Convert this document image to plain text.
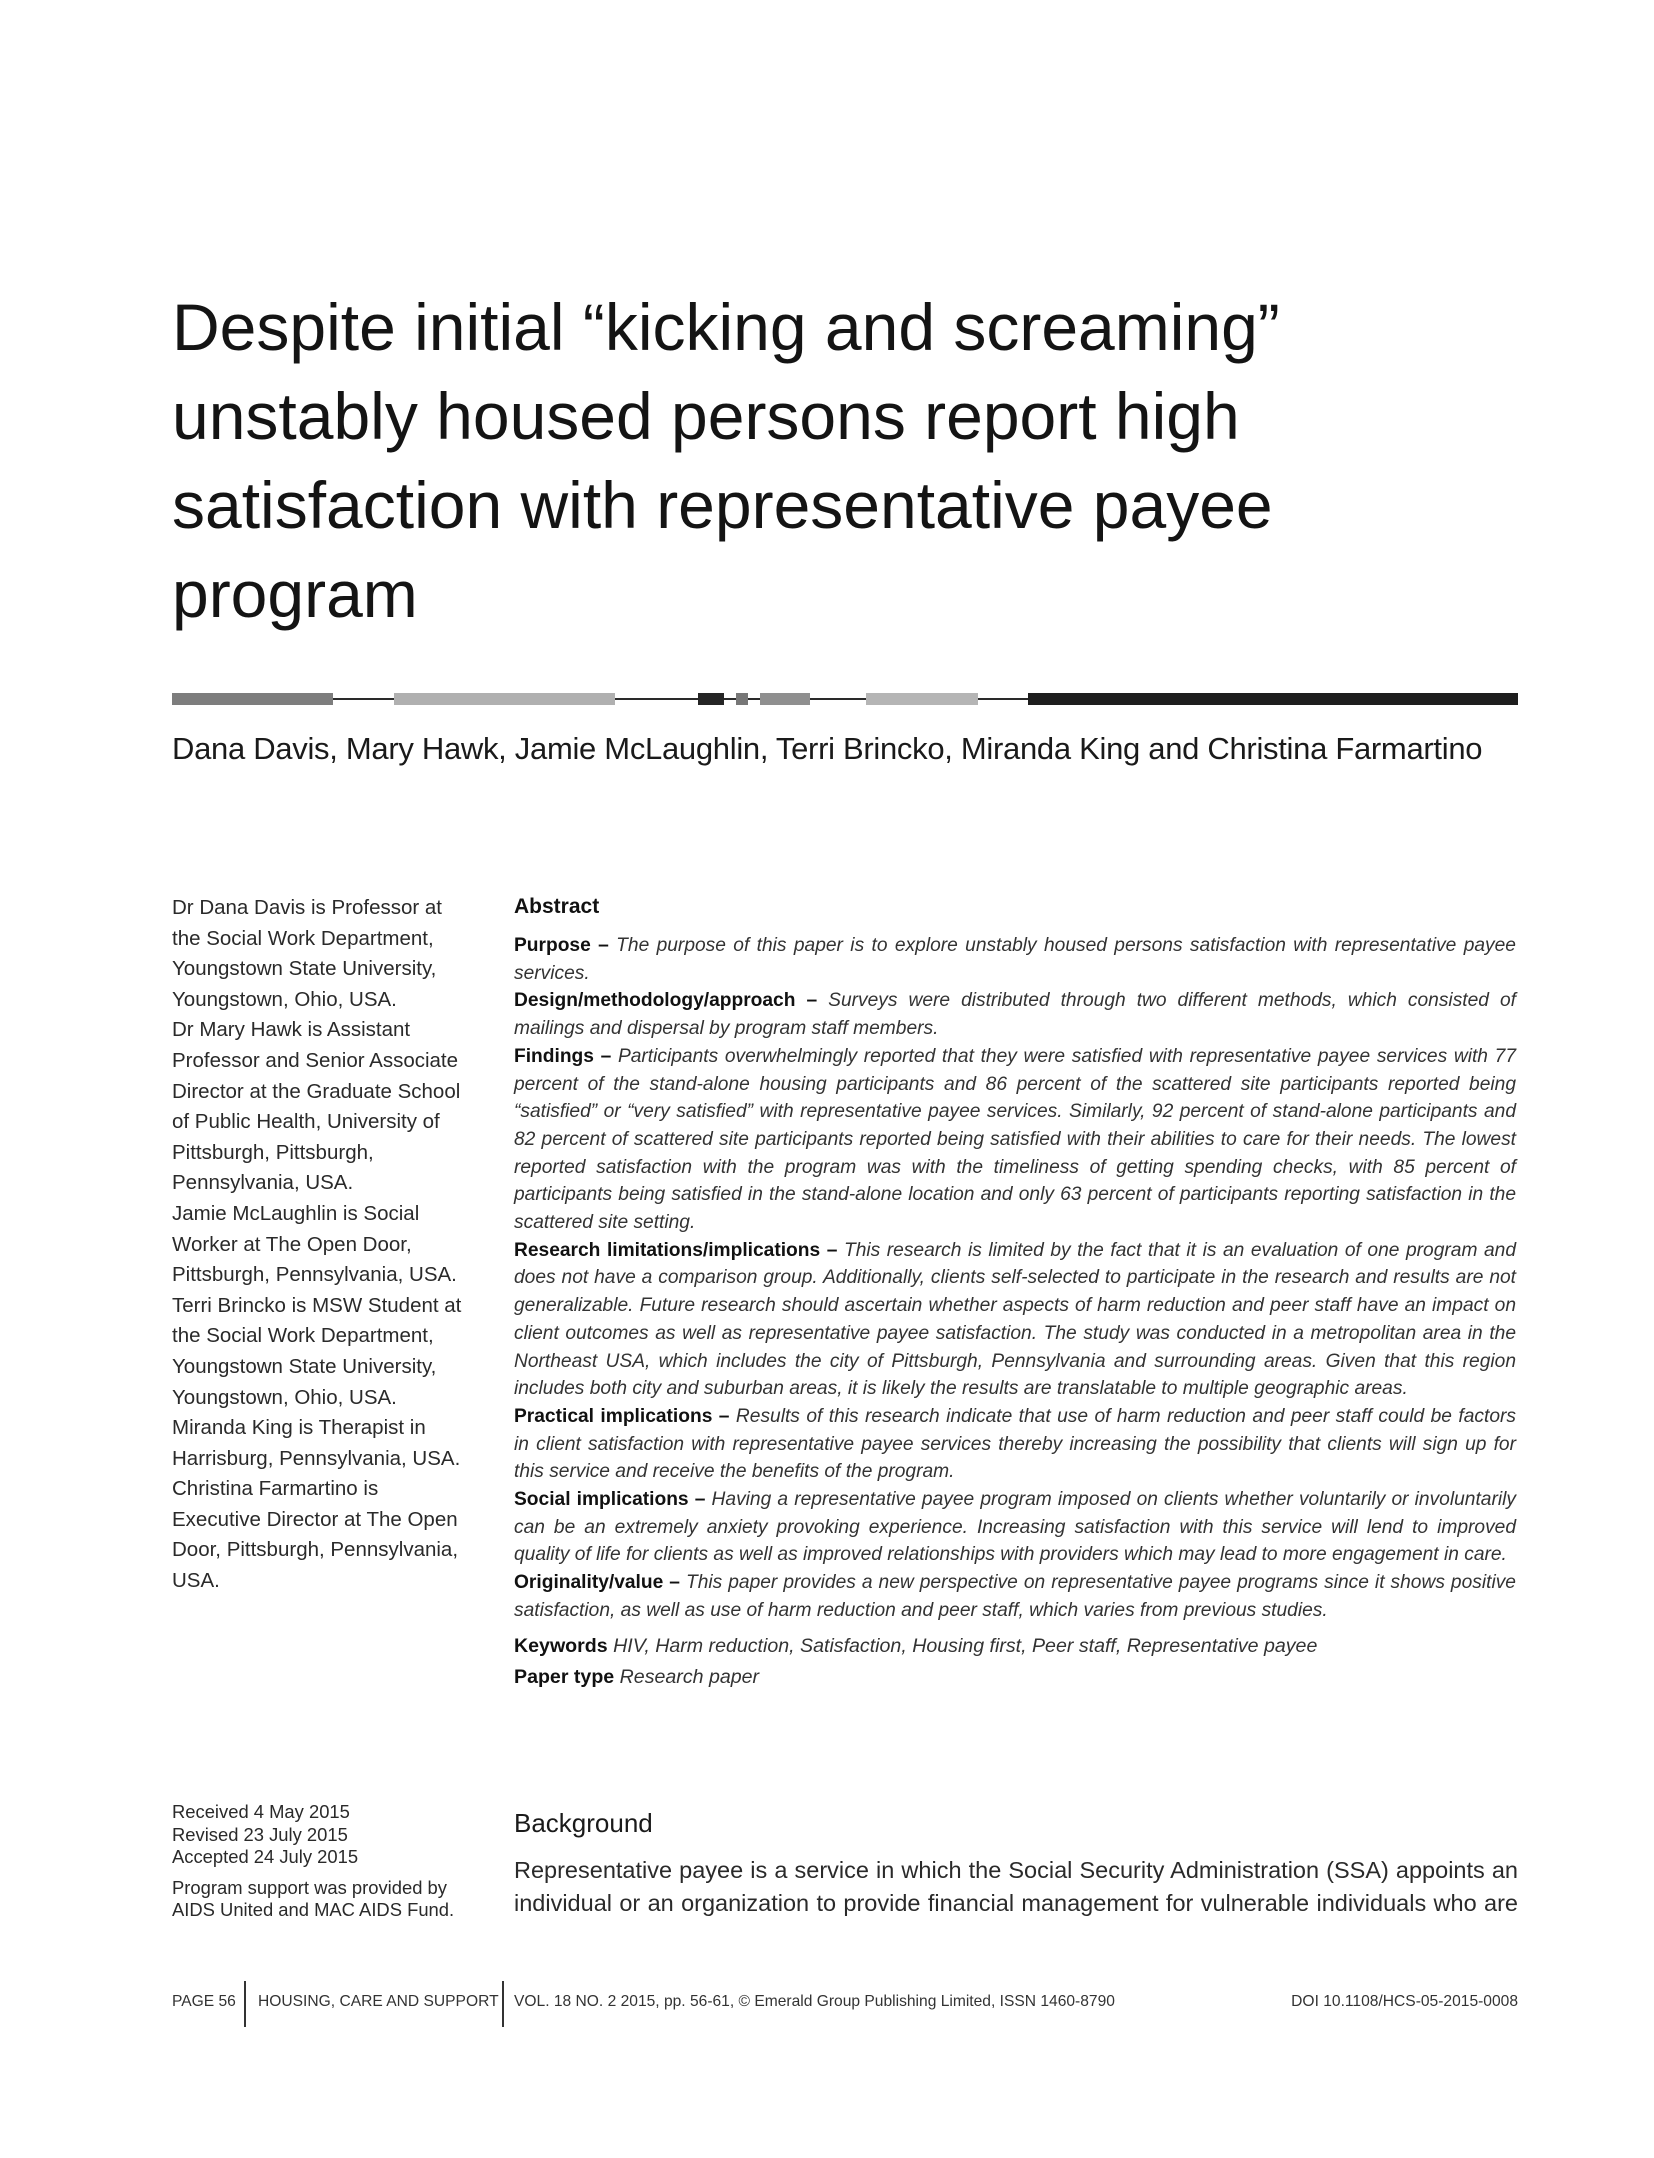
Despite initial “kicking and screaming” unstably housed persons report high satisfaction with representative payee program

Dana Davis, Mary Hawk, Jamie McLaughlin, Terri Brincko, Miranda King and Christina Farmartino

Dr Dana Davis is Professor at the Social Work Department, Youngstown State University, Youngstown, Ohio, USA.

Dr Mary Hawk is Assistant Professor and Senior Associate Director at the Graduate School of Public Health, University of Pittsburgh, Pittsburgh, Pennsylvania, USA.

Jamie McLaughlin is Social Worker at The Open Door, Pittsburgh, Pennsylvania, USA.

Terri Brincko is MSW Student at the Social Work Department, Youngstown State University, Youngstown, Ohio, USA.

Miranda King is Therapist in Harrisburg, Pennsylvania, USA.

Christina Farmartino is Executive Director at The Open Door, Pittsburgh, Pennsylvania, USA.

Abstract

Purpose – The purpose of this paper is to explore unstably housed persons satisfaction with representative payee services.

Design/methodology/approach – Surveys were distributed through two different methods, which consisted of mailings and dispersal by program staff members.

Findings – Participants overwhelmingly reported that they were satisfied with representative payee services with 77 percent of the stand-alone housing participants and 86 percent of the scattered site participants reported being “satisfied” or “very satisfied” with representative payee services. Similarly, 92 percent of stand-alone participants and 82 percent of scattered site participants reported being satisfied with their abilities to care for their needs. The lowest reported satisfaction with the program was with the timeliness of getting spending checks, with 85 percent of participants being satisfied in the stand-alone location and only 63 percent of participants reporting satisfaction in the scattered site setting.

Research limitations/implications – This research is limited by the fact that it is an evaluation of one program and does not have a comparison group. Additionally, clients self-selected to participate in the research and results are not generalizable. Future research should ascertain whether aspects of harm reduction and peer staff have an impact on client outcomes as well as representative payee satisfaction. The study was conducted in a metropolitan area in the Northeast USA, which includes the city of Pittsburgh, Pennsylvania and surrounding areas. Given that this region includes both city and suburban areas, it is likely the results are translatable to multiple geographic areas.

Practical implications – Results of this research indicate that use of harm reduction and peer staff could be factors in client satisfaction with representative payee services thereby increasing the possibility that clients will sign up for this service and receive the benefits of the program.

Social implications – Having a representative payee program imposed on clients whether voluntarily or involuntarily can be an extremely anxiety provoking experience. Increasing satisfaction with this service will lend to improved quality of life for clients as well as improved relationships with providers which may lead to more engagement in care.

Originality/value – This paper provides a new perspective on representative payee programs since it shows positive satisfaction, as well as use of harm reduction and peer staff, which varies from previous studies.

Keywords HIV, Harm reduction, Satisfaction, Housing first, Peer staff, Representative payee

Paper type Research paper

Received 4 May 2015

Revised 23 July 2015

Accepted 24 July 2015

Program support was provided by AIDS United and MAC AIDS Fund.

Background

Representative payee is a service in which the Social Security Administration (SSA) appoints an individual or an organization to provide financial management for vulnerable individuals who are

PAGE 56 HOUSING, CARE AND SUPPORT VOL. 18 NO. 2 2015, pp. 56-61, © Emerald Group Publishing Limited, ISSN 1460-8790	DOI 10.1108/HCS-05-2015-0008
